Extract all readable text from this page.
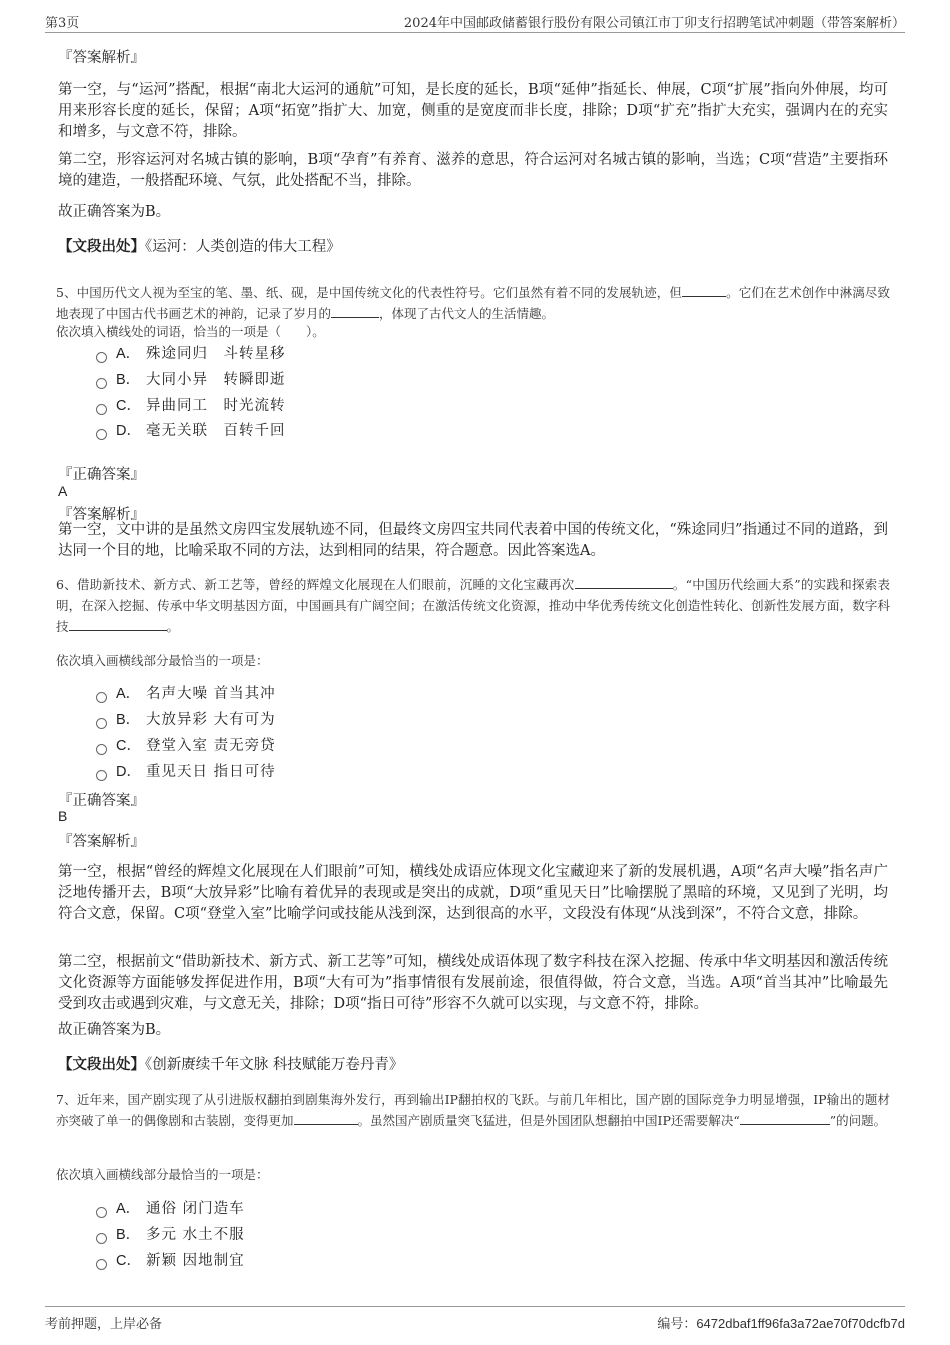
第3页	2024年中国邮政储蓄银行股份有限公司镇江市丁卯支行招聘笔试冲刺题（带答案解析）
『答案解析』
第一空，与“运河”搭配，根据“南北大运河的通航”可知，是长度的延长，B项“延伸”指延长、伸展，C项“扩展”指向外伸展，均可用来形容长度的延长，保留；A项“拓宽”指扩大、加宽，侧重的是宽度而非长度，排除；D项“扩充”指扩大充实，强调内在的充实和增多，与文意不符，排除。
第二空，形容运河对名城古镇的影响，B项“孕育”有养育、滋养的意思，符合运河对名城古镇的影响，当选；C项“营造”主要指环境的建造，一般搭配环境、气氛，此处搭配不当，排除。
故正确答案为B。
【文段出处】《运河：人类创造的伟大工程》
5、中国历代文人视为至宝的笔、墨、纸、砚，是中国传统文化的代表性符号。它们虽然有着不同的发展轨迹，但	。它们在艺术创作中淋漓尽致地表现了中国古代书画艺术的神韵，记录了岁月的	，体现了古代文人的生活情趣。
依次填入横线处的词语，恰当的一项是（　　）。
A． 殊途同归　斗转星移
B． 大同小异　转瞬即逝
C． 异曲同工　时光流转
D． 毫无关联　百转千回
『正确答案』
A
『答案解析』
第一空，文中讲的是虽然文房四宝发展轨迹不同，但最终文房四宝共同代表着中国的传统文化，“殊途同归”指通过不同的道路，到达同一个目的地，比喻采取不同的方法，达到相同的结果，符合题意。因此答案选A。
6、借助新技术、新方式、新工艺等，曾经的辉煌文化展现在人们眼前，沉睡的文化宝藏再次	。“中国历代绘画大系”的实践和探索表明，在深入挖掘、传承中华文明基因方面，中国画具有广阔空间；在激活传统文化资源，推动中华优秀传统文化创造性转化、创新性发展方面，数字科技	。
依次填入画横线部分最恰当的一项是：
A． 名声大噪 首当其冲
B． 大放异彩 大有可为
C． 登堂入室 责无旁贷
D． 重见天日 指日可待
『正确答案』
B
『答案解析』
第一空，根据“曾经的辉煌文化展现在人们眼前”可知，横线处成语应体现文化宝藏迎来了新的发展机遇，A项“名声大噪”指名声广泛地传播开去，B项“大放异彩”比喻有着优异的表现或是突出的成就，D项“重见天日”比喻摆脱了黑暗的环境，又见到了光明，均符合文意，保留。C项“登堂入室”比喻学问或技能从浅到深，达到很高的水平，文段没有体现“从浅到深”，不符合文意，排除。
第二空，根据前文“借助新技术、新方式、新工艺等”可知，横线处成语体现了数字科技在深入挖掘、传承中华文明基因和激活传统文化资源等方面能够发挥促进作用，B项“大有可为”指事情很有发展前途，很值得做，符合文意，当选。A项“首当其冲”比喻最先受到攻击或遇到灾难，与文意无关，排除；D项“指日可待”形容不久就可以实现，与文意不符，排除。
故正确答案为B。
【文段出处】《创新赓续千年文脉 科技赋能万卷丹青》
7、近年来，国产剧实现了从引进版权翻拍到剧集海外发行，再到输出IP翻拍权的飞跃。与前几年相比，国产剧的国际竞争力明显增强，IP输出的题材亦突破了单一的偶像剧和古装剧，变得更加	。虽然国产剧质量突飞猛进，但是外国团队想翻拍中国IP还需要解决“	”的问题。
依次填入画横线部分最恰当的一项是：
A． 通俗 闭门造车
B． 多元 水土不服
C． 新颖 因地制宜
考前押题，上岸必备	编号：6472dbaf1ff96fa3a72ae70f70dcfb7d
